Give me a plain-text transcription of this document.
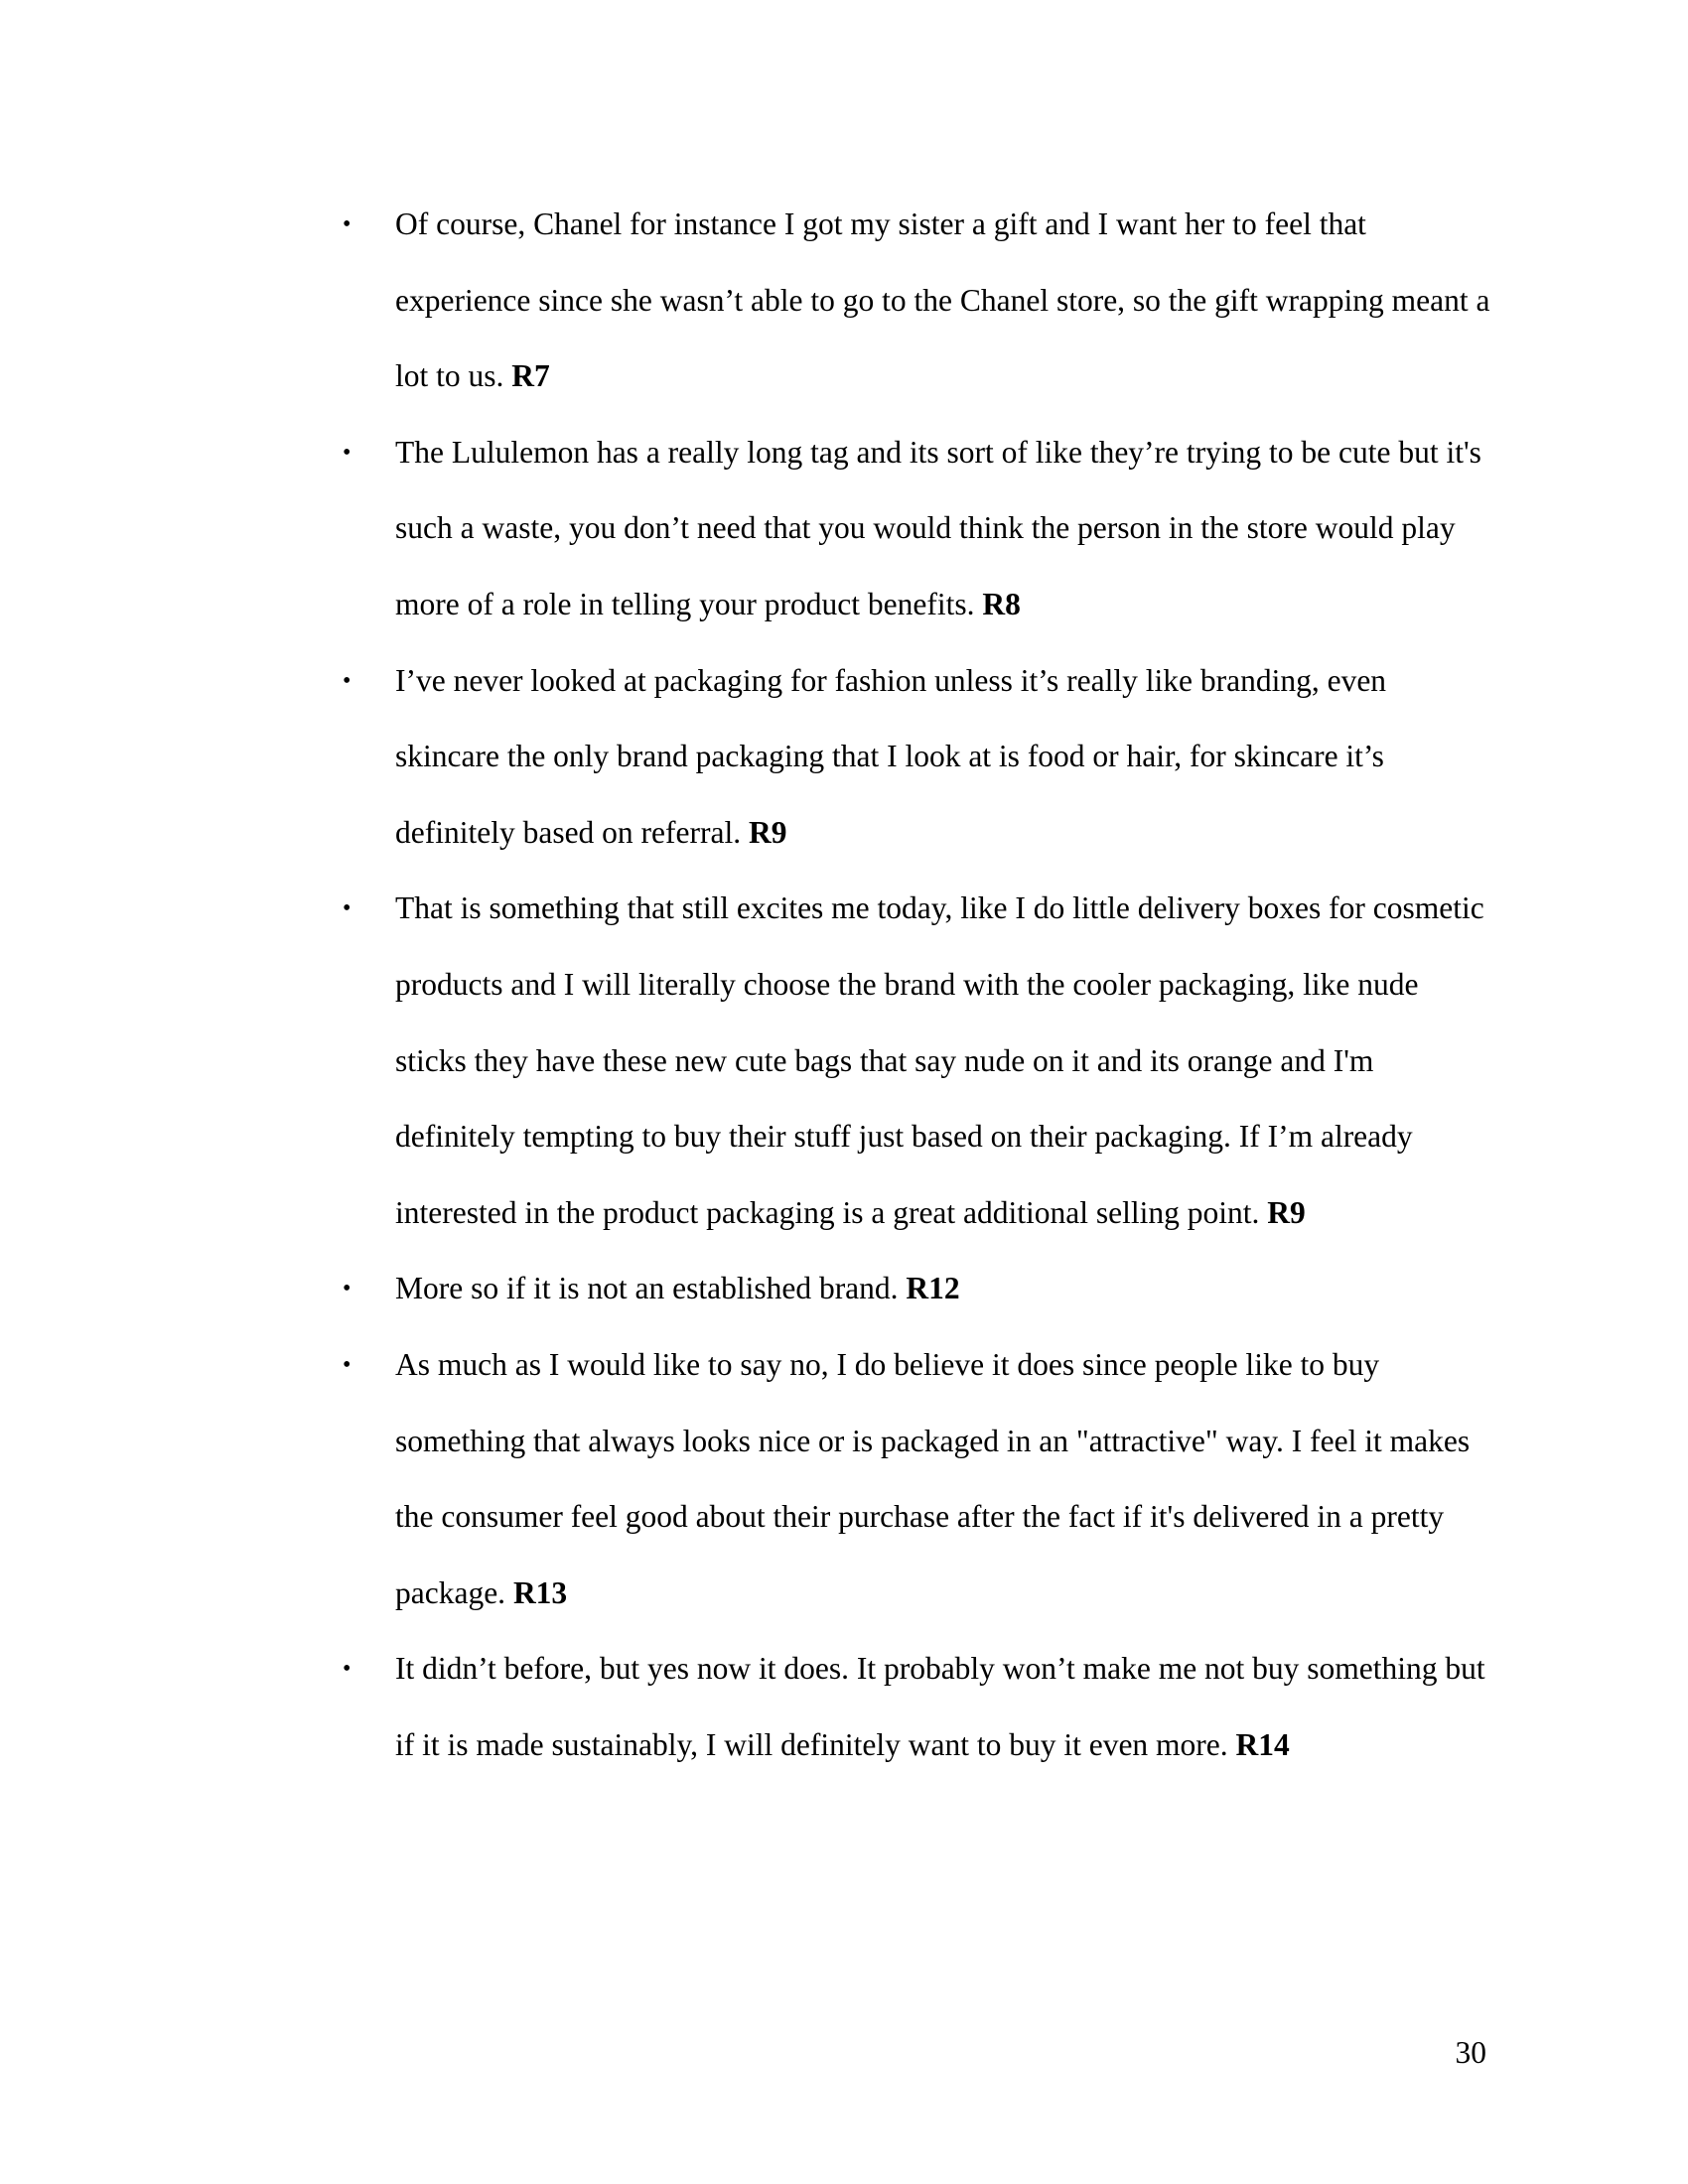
•	Of course, Chanel for instance I got my sister a gift and I want her to feel that experience since she wasn’t able to go to the Chanel store, so the gift wrapping meant a lot to us. R7
•	The Lululemon has a really long tag and its sort of like they’re trying to be cute but it's such a waste, you don’t need that you would think the person in the store would play more of a role in telling your product benefits. R8
•	I’ve never looked at packaging for fashion unless it’s really like branding, even skincare the only brand packaging that I look at is food or hair, for skincare it’s definitely based on referral. R9
•	That is something that still excites me today, like I do little delivery boxes for cosmetic products and I will literally choose the brand with the cooler packaging, like nude sticks they have these new cute bags that say nude on it and its orange and I'm definitely tempting to buy their stuff just based on their packaging. If I’m already interested in the product packaging is a great additional selling point. R9
•	More so if it is not an established brand. R12
•	As much as I would like to say no, I do believe it does since people like to buy something that always looks nice or is packaged in an "attractive" way. I feel it makes the consumer feel good about their purchase after the fact if it's delivered in a pretty package. R13
•	It didn’t before, but yes now it does. It probably won’t make me not buy something but if it is made sustainably, I will definitely want to buy it even more. R14
30
